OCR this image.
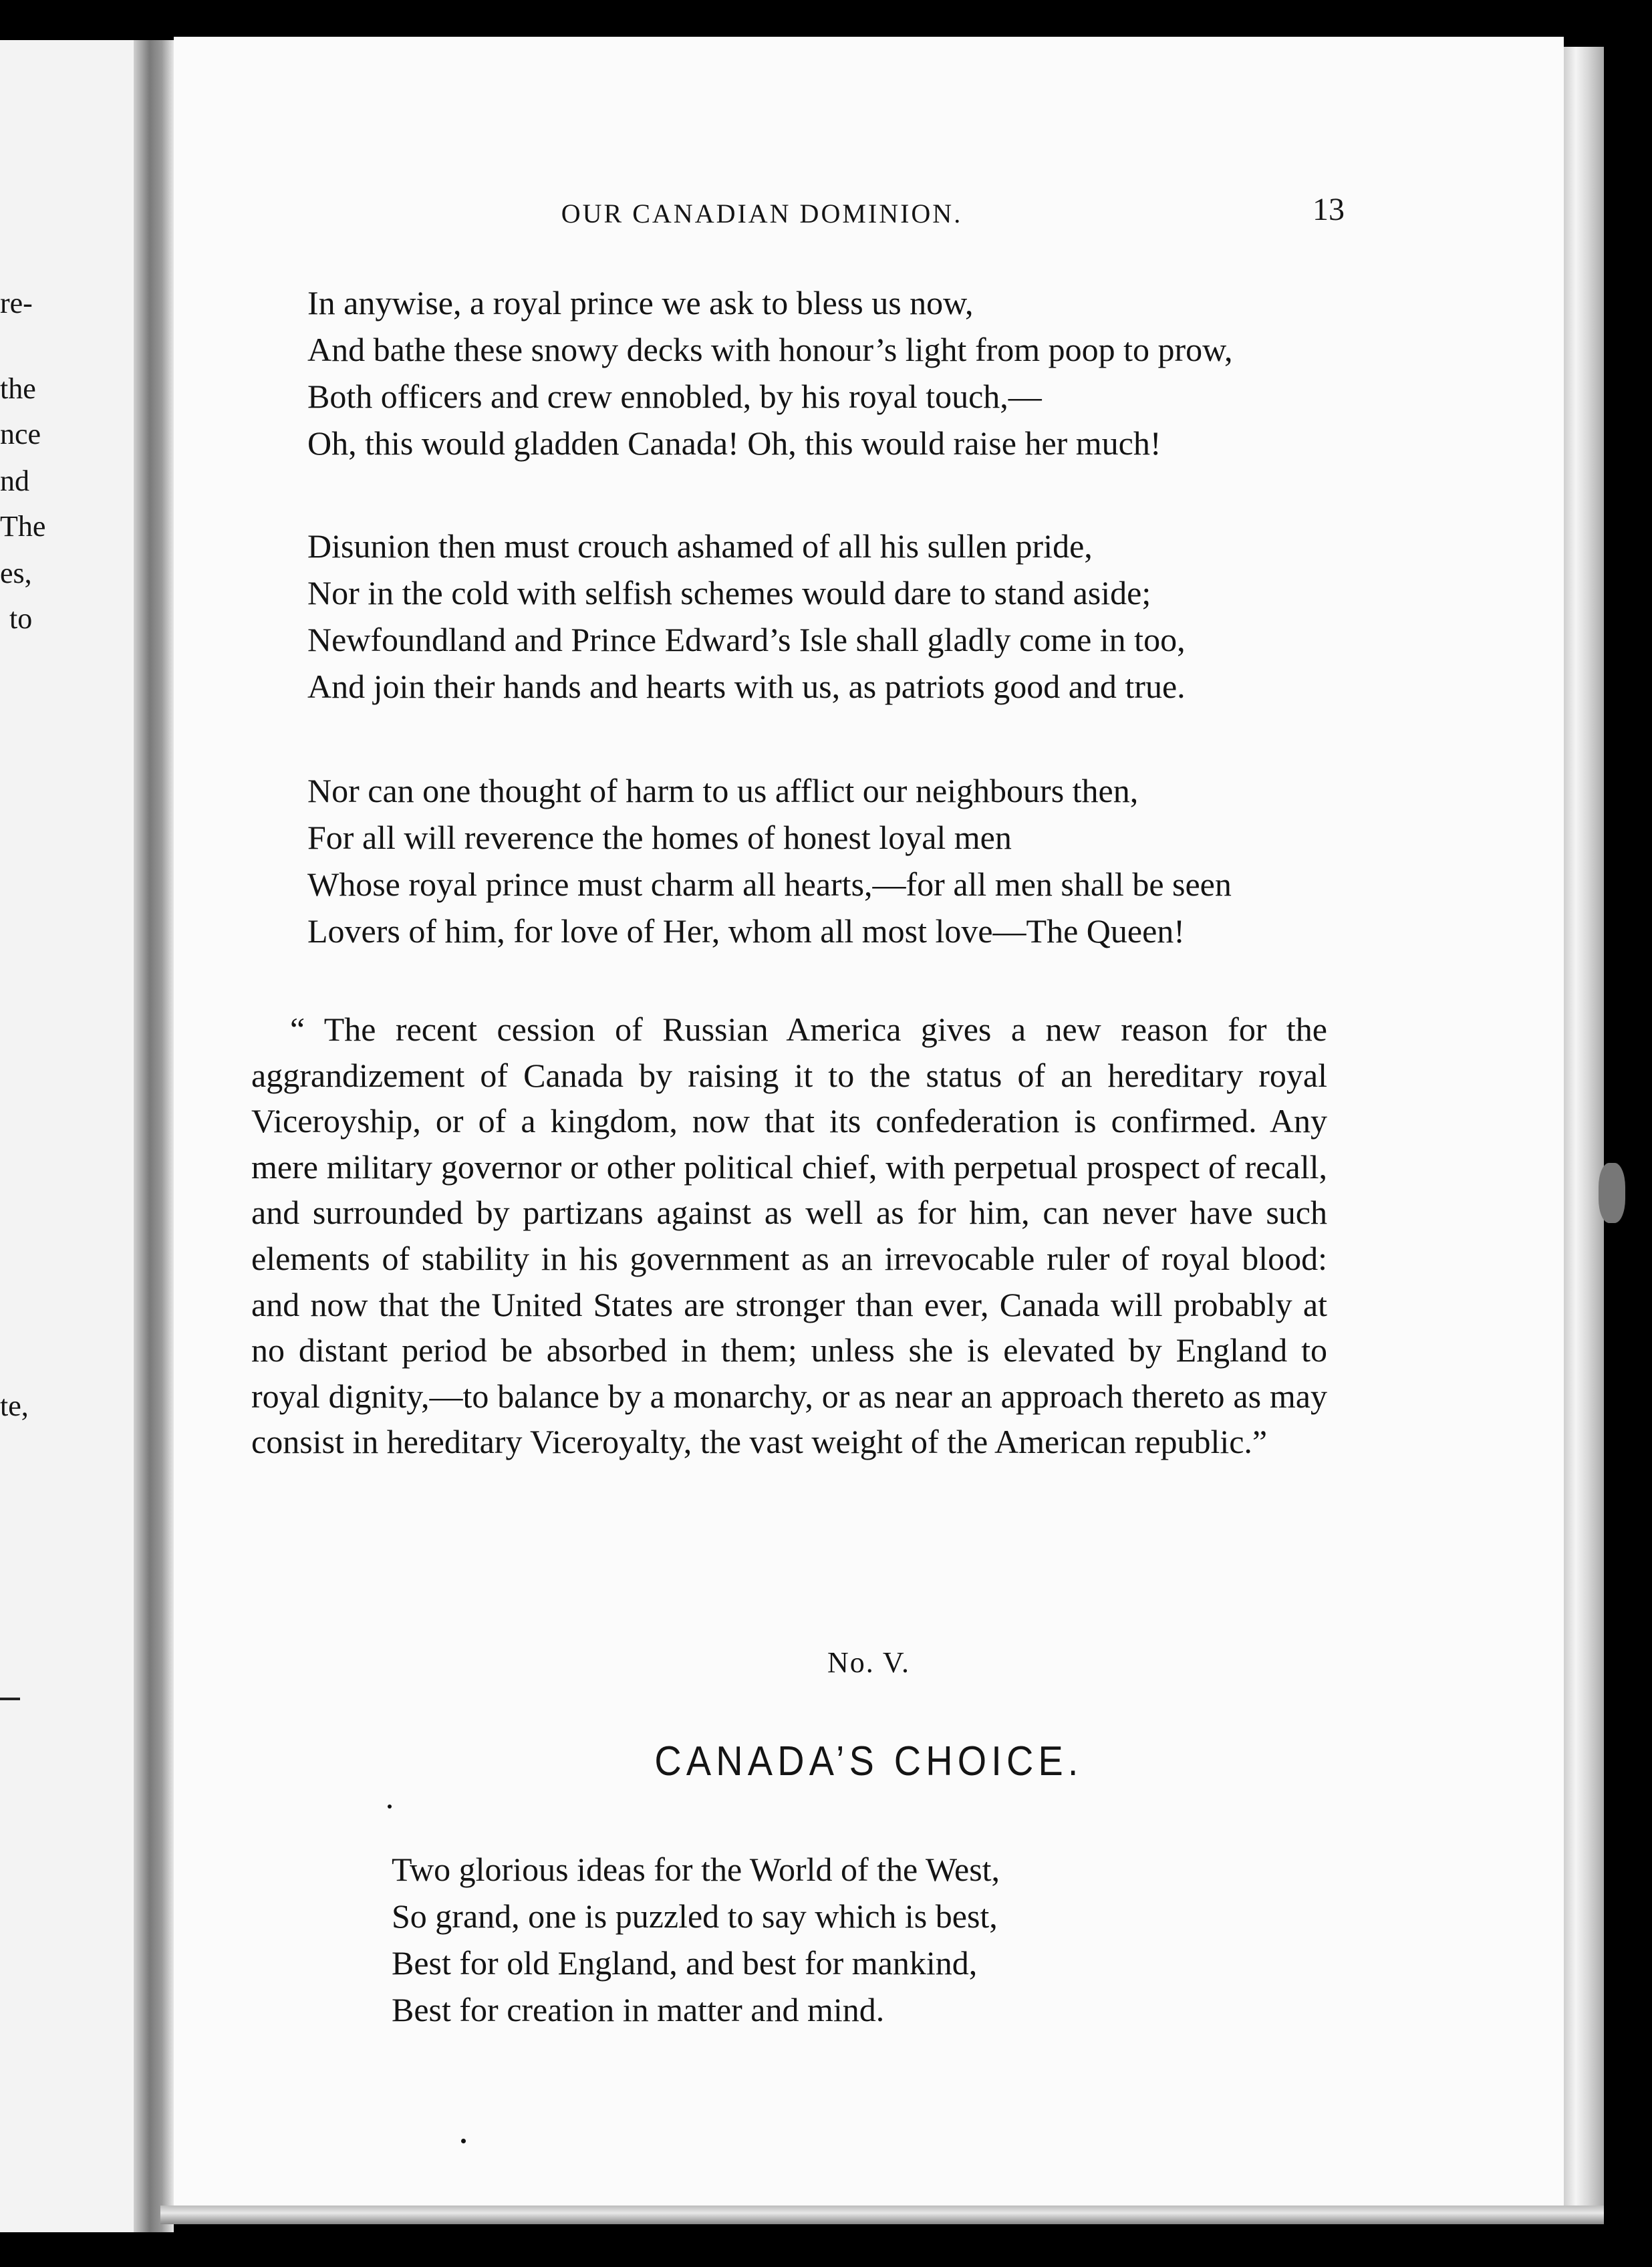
re-
the
nce
nd
The
es,
to
te,
OUR CANADIAN DOMINION.	13
In anywise, a royal prince we ask to bless us now,
And bathe these snowy decks with honour’s light from poop to prow,
Both officers and crew ennobled, by his royal touch,—
Oh, this would gladden Canada! Oh, this would raise her much!
Disunion then must crouch ashamed of all his sullen pride,
Nor in the cold with selfish schemes would dare to stand aside;
Newfoundland and Prince Edward’s Isle shall gladly come in too,
And join their hands and hearts with us, as patriots good and true.
Nor can one thought of harm to us afflict our neighbours then,
For all will reverence the homes of honest loyal men
Whose royal prince must charm all hearts,—for all men shall be seen
Lovers of him, for love of Her, whom all most love—The Queen!
“ The recent cession of Russian America gives a new reason for the aggrandizement of Canada by raising it to the status of an hereditary royal Viceroyship, or of a kingdom, now that its confederation is confirmed. Any mere military governor or other political chief, with perpetual prospect of recall, and surrounded by partizans against as well as for him, can never have such elements of stability in his government as an irrevocable ruler of royal blood: and now that the United States are stronger than ever, Canada will probably at no distant period be absorbed in them; unless she is elevated by England to royal dignity,—to balance by a monarchy, or as near an approach thereto as may consist in hereditary Viceroyalty, the vast weight of the American republic.”
No. V.
CANADA’S CHOICE.
Two glorious ideas for the World of the West,
So grand, one is puzzled to say which is best,
Best for old England, and best for mankind,
Best for creation in matter and mind.
